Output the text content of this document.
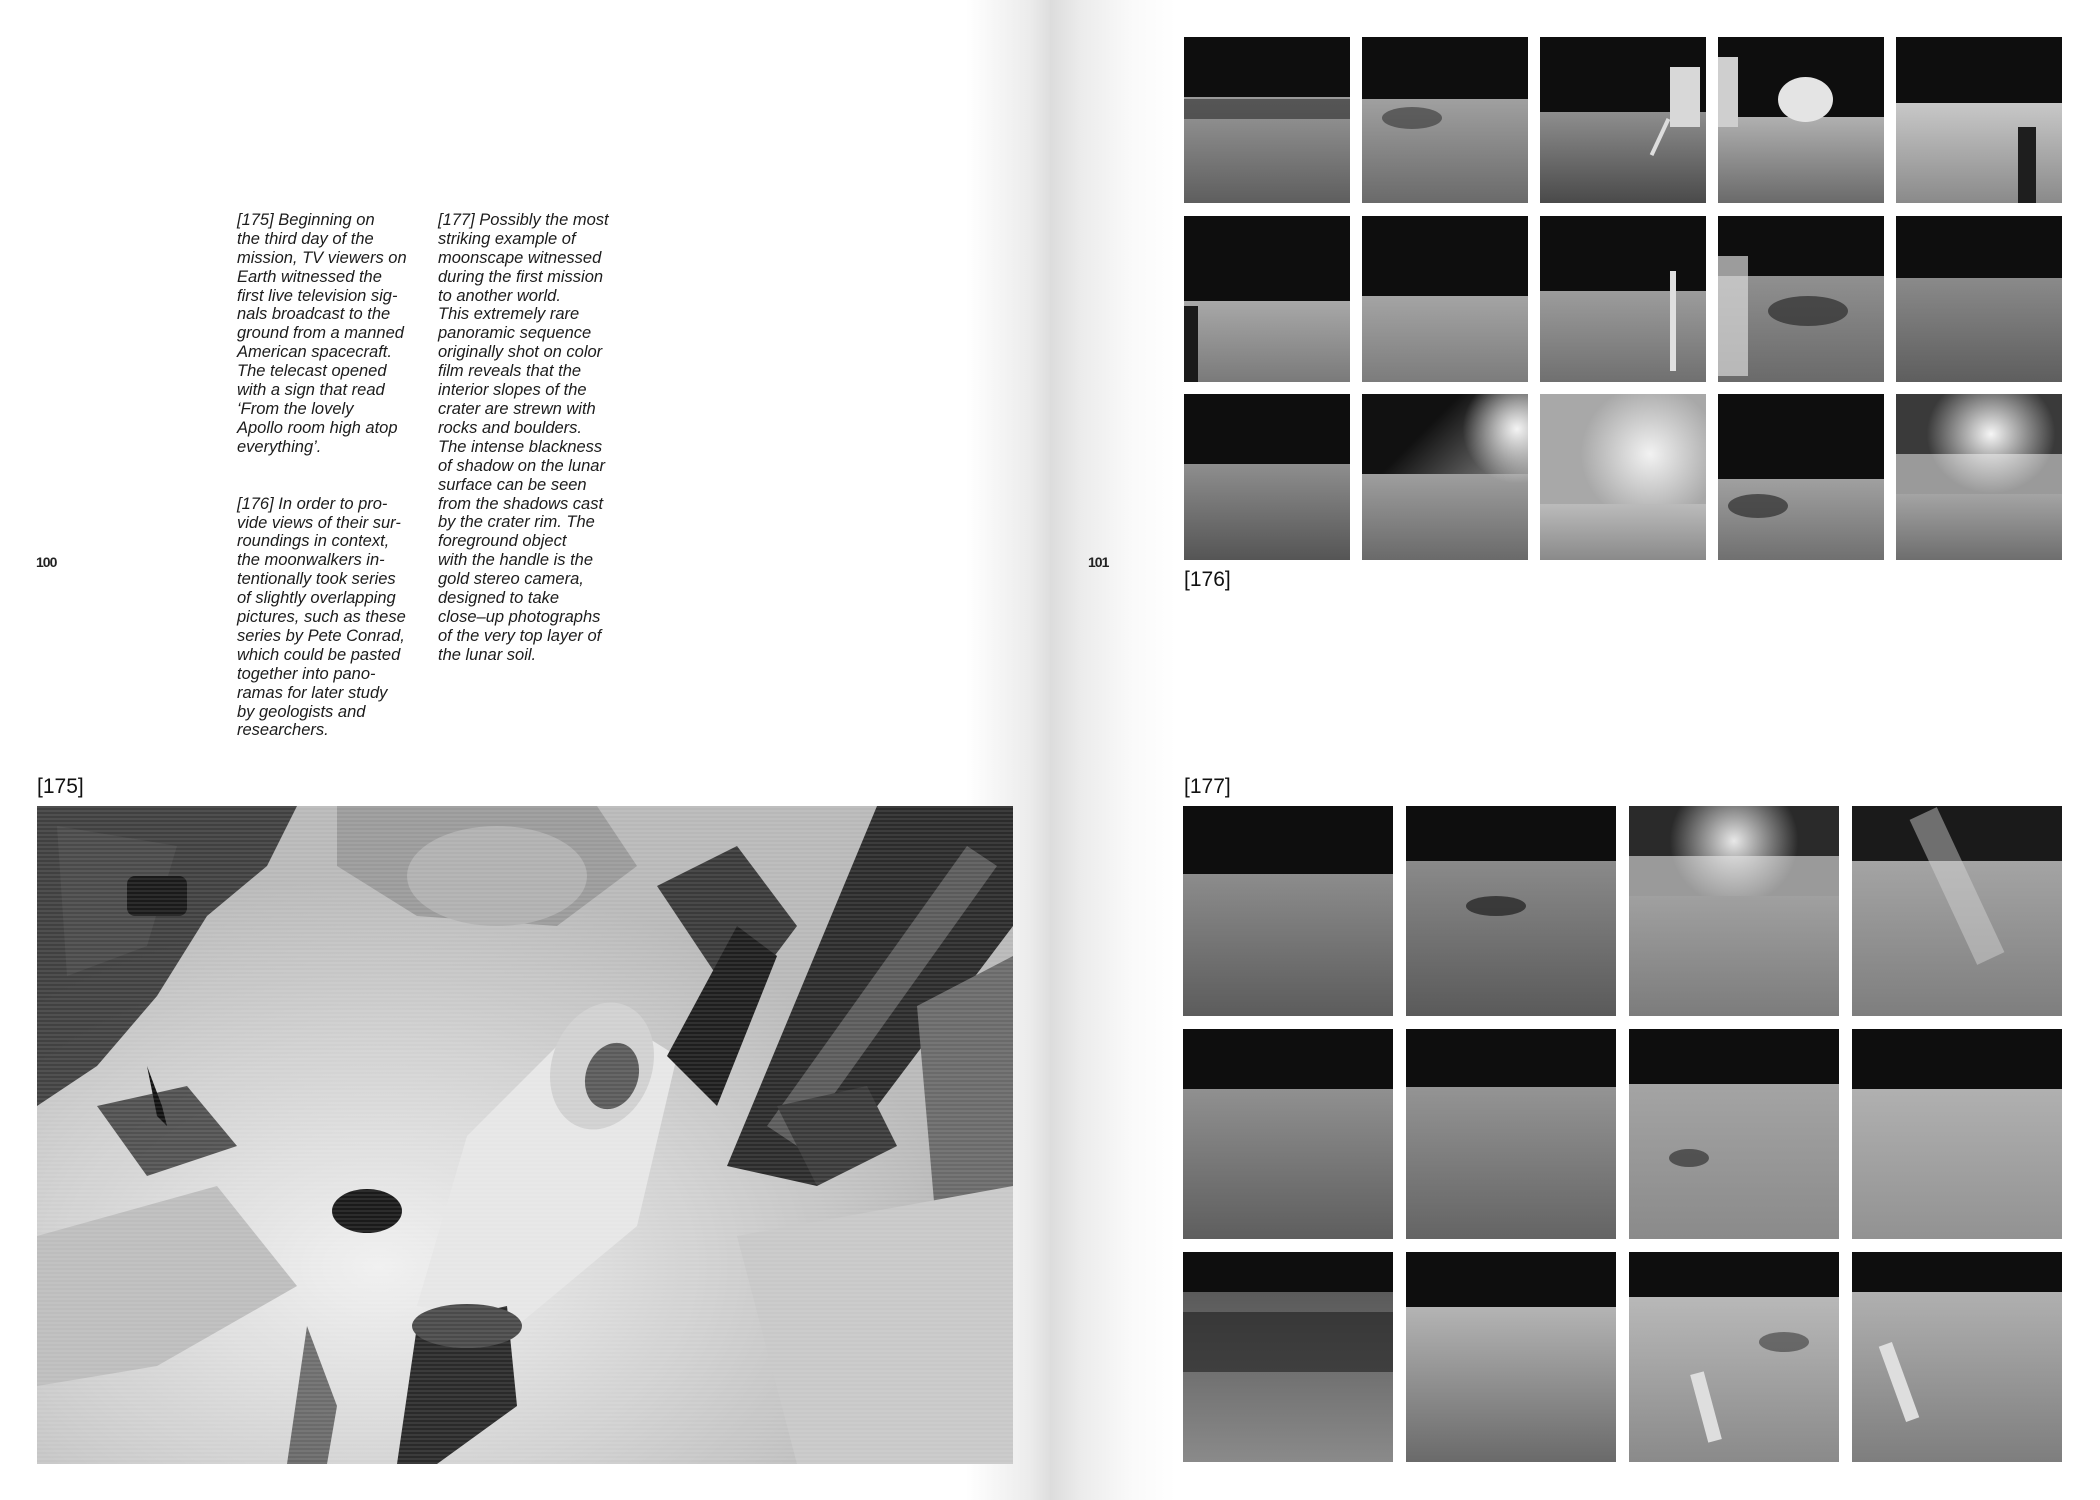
[175] Beginning on
the third day of the
mission, TV viewers on
Earth witnessed the
first live television sig-
nals broadcast to the
ground from a manned
American spacecraft.
The telecast opened
with a sign that read
‘From the lovely
Apollo room high atop
everything’.

[176] In order to pro-
vide views of their sur-
roundings in context,
the moonwalkers in-
tentionally took series
of slightly overlapping
pictures, such as these
series by Pete Conrad,
which could be pasted
together into pano-
ramas for later study
by geologists and
researchers.

[177] Possibly the most
striking example of
moonscape witnessed
during the first mission
to another world.
This extremely rare
panoramic sequence
originally shot on color
film reveals that the
interior slopes of the
crater are strewn with
rocks and boulders.
The intense blackness
of shadow on the lunar
surface can be seen
from the shadows cast
by the crater rim. The
foreground object
with the handle is the
gold stereo camera,
designed to take
close–up photographs
of the very top layer of
the lunar soil.

100
[175]
101
[176]
[177]
